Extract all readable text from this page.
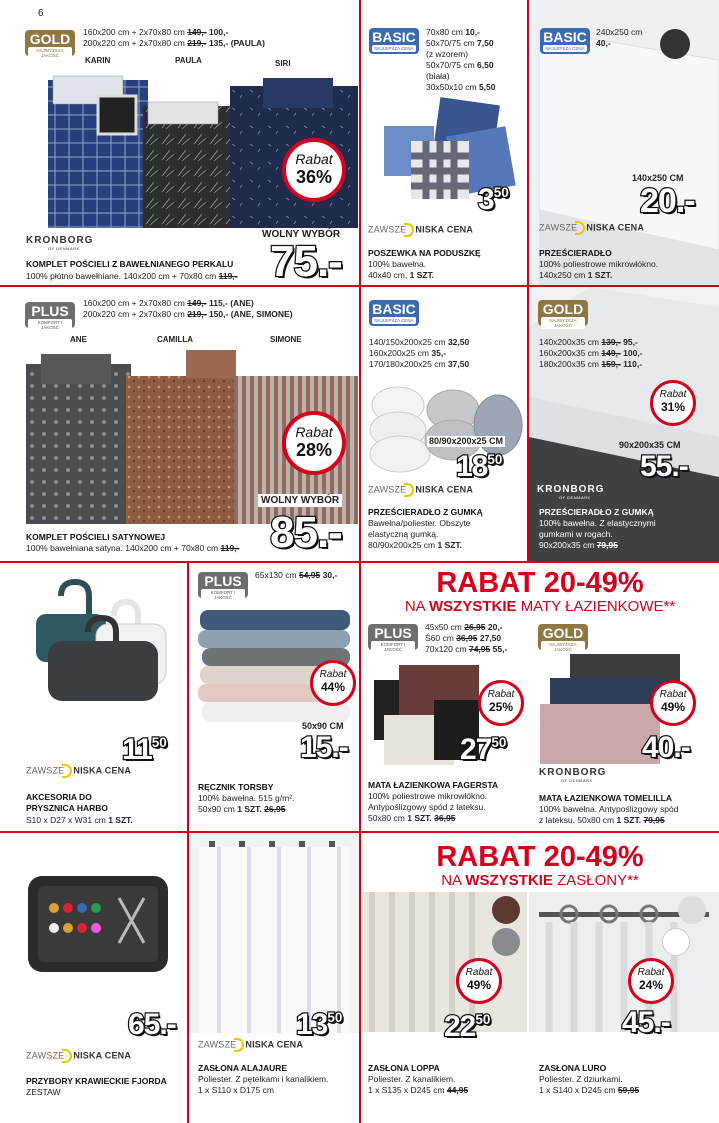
6
GOLD
NAJWYŻSZA JAKOŚĆ
160x200 cm + 2x70x80 cm 149,- 100,-
200x220 cm + 2x70x80 cm 219,- 135,- (PAULA)
KARIN	PAULA	SIRI
Rabat
36%
KRONBORG
OF DENMARK
WOLNY WYBÓR
KOMPLET POŚCIELI Z BAWEŁNIANEGO PERKALU
100% płótno bawełniane. 140x200 cm + 70x80 cm 119,- 75.-
BASIC
NAJLEPSZA CENA
70x80 cm 10,-
50x70/75 cm 7,50
(z wzorem)
50x70/75 cm 6,50
(biała)
30x50x10 cm 5,50
$3^{50}$
ZAWSZE NISKA CENA
POSZEWKA NA PODUSZKĘ
100% bawełna.
40x40 cm, 1 SZT.
BASIC
NAJLEPSZA CENA
240x250 cm
40,-
140x250 CM
20.-
ZAWSZE NISKA CENA
PRZEŚCIERADŁO
100% poliestrowe mikrowłókno.
140x250 cm 1 SZT.
PLUS
KOMFORT I JAKOŚĆ
160x200 cm + 2x70x80 cm 149,- 115,- (ANE)
200x220 cm + 2x70x80 cm 219,- 150,- (ANE, SIMONE)
ANE	CAMILLA	SIMONE
Rabat
28%
WOLNY WYBÓR
KOMPLET POŚCIELI SATYNOWEJ
100% bawełniana satyna. 140x200 cm + 70x80 cm 119,- 85.-
BASIC
NAJLEPSZA CENA
140/150x200x25 cm 32,50
160x200x25 cm 35,-
170/180x200x25 cm 37,50
80/90x200x25 CM
$18^{50}$
ZAWSZE NISKA CENA
PRZEŚCIERADŁO Z GUMKĄ
Bawełna/poliester. Obszyte
elastyczną gumką.
80/90x200x25 cm 1 SZT.
GOLD
NAJWYŻSZA JAKOŚĆ
140x200x35 cm 139,- 95,-
160x200x35 cm 149,- 100,-
180x200x35 cm 159,- 110,-
Rabat
31%
90x200x35 CM
55.-
KRONBORG
OF DENMARK
PRZEŚCIERADŁO Z GUMKĄ
100% bawełna. Z elastycznymi
gumkami w rogach.
90x200x35 cm 79,95
$11^{50}$
ZAWSZE NISKA CENA
AKCESORIA DO
PRYSZNICA HARBO
S10 x D27 x W31 cm 1 SZT.
PLUS
KOMFORT I JAKOŚĆ
65x130 cm 54,95 30,-
Rabat
44%
50x90 CM
15.-
RĘCZNIK TORSBY
100% bawełna. 515 g/m².
50x90 cm 1 SZT. 26,95
RABAT 20-49%
NA WSZYSTKIE MATY ŁAZIENKOWE**
PLUS
KOMFORT I JAKOŚĆ
45x50 cm 26,95 20,-
Ś60 cm 36,95 27,50
70x120 cm 74,95 55,-
Rabat
25%
$27^{50}$
MATA ŁAZIENKOWA FAGERSTA
100% poliestrowe mikrowłókno.
Antypoślizgowy spód z lateksu.
50x80 cm 1 SZT. 36,95
GOLD
NAJWYŻSZA JAKOŚĆ
Rabat
49%
40.-
KRONBORG
OF DENMARK
MATA ŁAZIENKOWA TOMELILLA
100% bawełna. Antypoślizgowy spód
z lateksu. 50x80 cm 1 SZT. 79,95
65.-
ZAWSZE NISKA CENA
PRZYBORY KRAWIECKIE FJORDA
ZESTAW
$13^{50}$
ZAWSZE NISKA CENA
ZASŁONA ALAJAURE
Poliester. Z pętelkami i kanalikiem.
1 x S110 x D175 cm
RABAT 20-49%
NA WSZYSTKIE ZASŁONY**
Rabat
49%
$22^{50}$
ZASŁONA LOPPA
Poliester. Z kanalikiem.
1 x S135 x D245 cm 44,95
Rabat
24%
45.-
ZASŁONA LURO
Poliester. Z dziurkami.
1 x S140 x D245 cm 59,95
